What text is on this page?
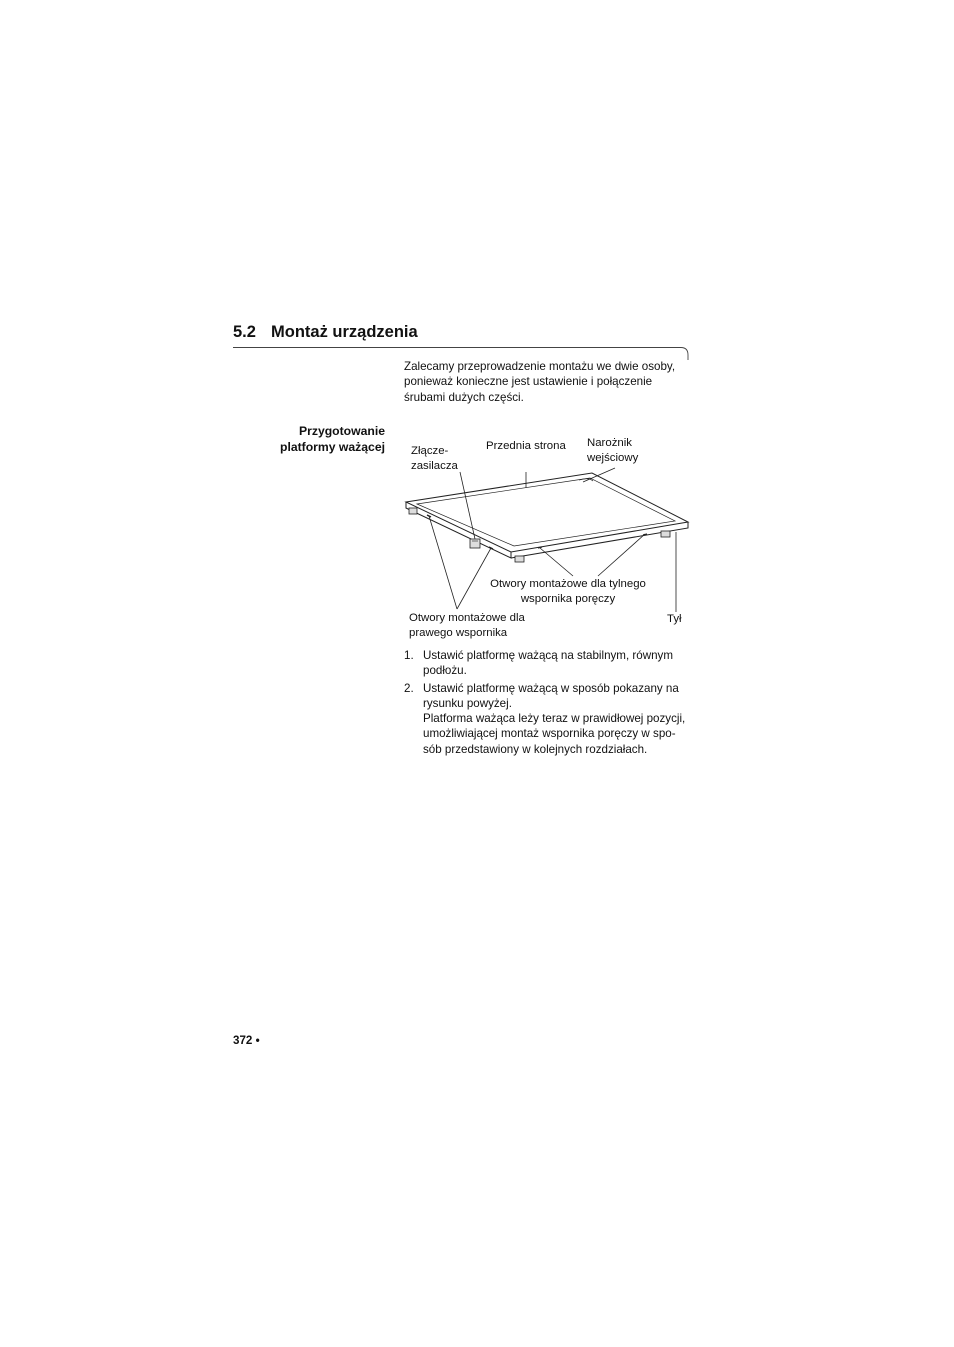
5.2 Montaż urządzenia
Przygotowanie
platformy ważącej

Zalecamy przeprowadzenie montażu we dwie osoby,
ponieważ konieczne jest ustawienie i połączenie
śrubami dużych części.

Złącze-
zasilacza
Przednia strona Narożnik
wejściowy
Otwory montażowe dla tylnego
wspornika poręczy
Otwory montażowe dla
prawego wspornika
Tył
1. Ustawić platformę ważącą na stabilnym, równym
podłożu.
2. Ustawić platformę ważącą w sposób pokazany na
rysunku powyżej.
Platforma ważąca leży teraz w prawidłowej pozycji,
umożliwiającej montaż wspornika poręczy w spo-
sób przedstawiony w kolejnych rozdziałach.
372 •
